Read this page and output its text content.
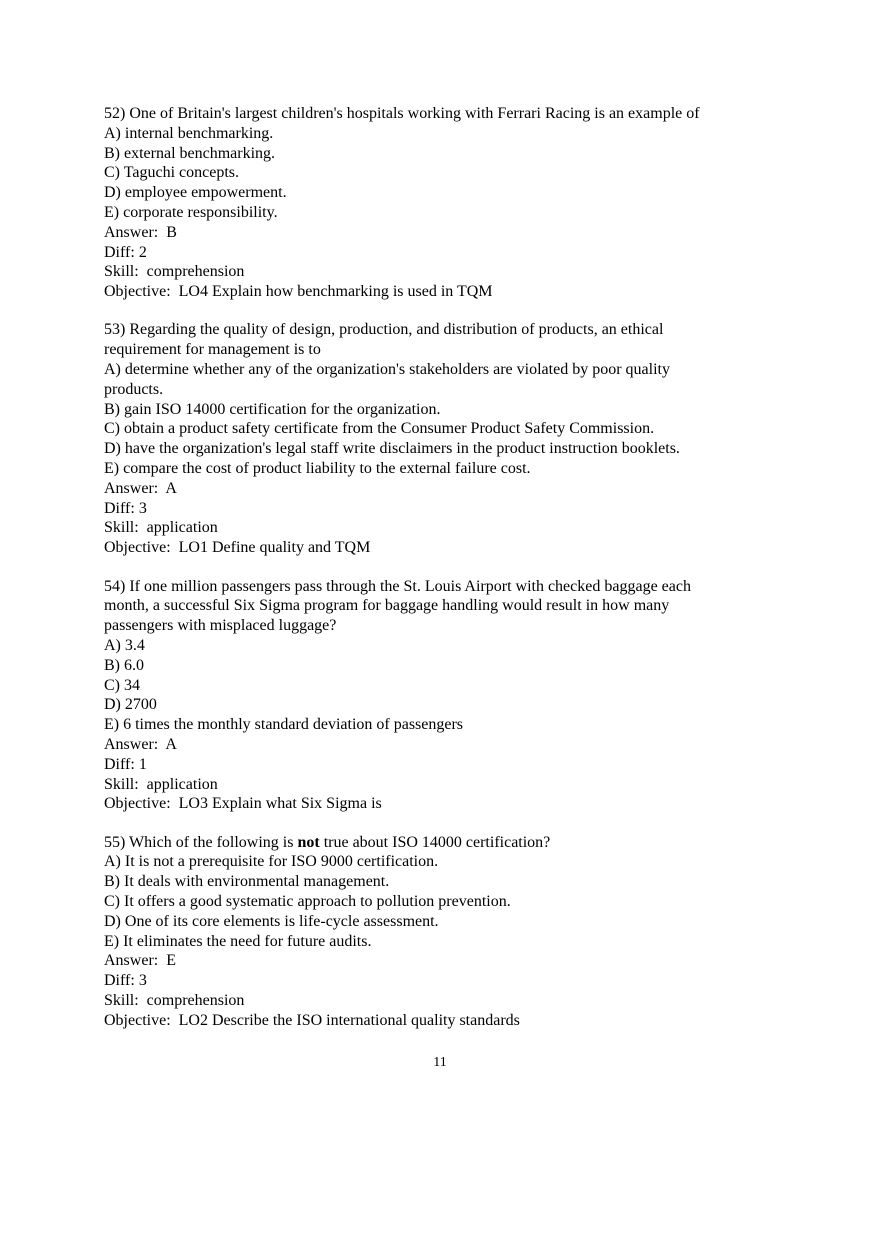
52) One of Britain's largest children's hospitals working with Ferrari Racing is an example of
A) internal benchmarking.
B) external benchmarking.
C) Taguchi concepts.
D) employee empowerment.
E) corporate responsibility.
Answer:  B
Diff: 2
Skill:  comprehension
Objective:  LO4 Explain how benchmarking is used in TQM
53) Regarding the quality of design, production, and distribution of products, an ethical
requirement for management is to
A) determine whether any of the organization's stakeholders are violated by poor quality
products.
B) gain ISO 14000 certification for the organization.
C) obtain a product safety certificate from the Consumer Product Safety Commission.
D) have the organization's legal staff write disclaimers in the product instruction booklets.
E) compare the cost of product liability to the external failure cost.
Answer:  A
Diff: 3
Skill:  application
Objective:  LO1 Define quality and TQM
54) If one million passengers pass through the St. Louis Airport with checked baggage each
month, a successful Six Sigma program for baggage handling would result in how many
passengers with misplaced luggage?
A) 3.4
B) 6.0
C) 34
D) 2700
E) 6 times the monthly standard deviation of passengers
Answer:  A
Diff: 1
Skill:  application
Objective:  LO3 Explain what Six Sigma is
55) Which of the following is not true about ISO 14000 certification?
A) It is not a prerequisite for ISO 9000 certification.
B) It deals with environmental management.
C) It offers a good systematic approach to pollution prevention.
D) One of its core elements is life-cycle assessment.
E) It eliminates the need for future audits.
Answer:  E
Diff: 3
Skill:  comprehension
Objective:  LO2 Describe the ISO international quality standards
11
